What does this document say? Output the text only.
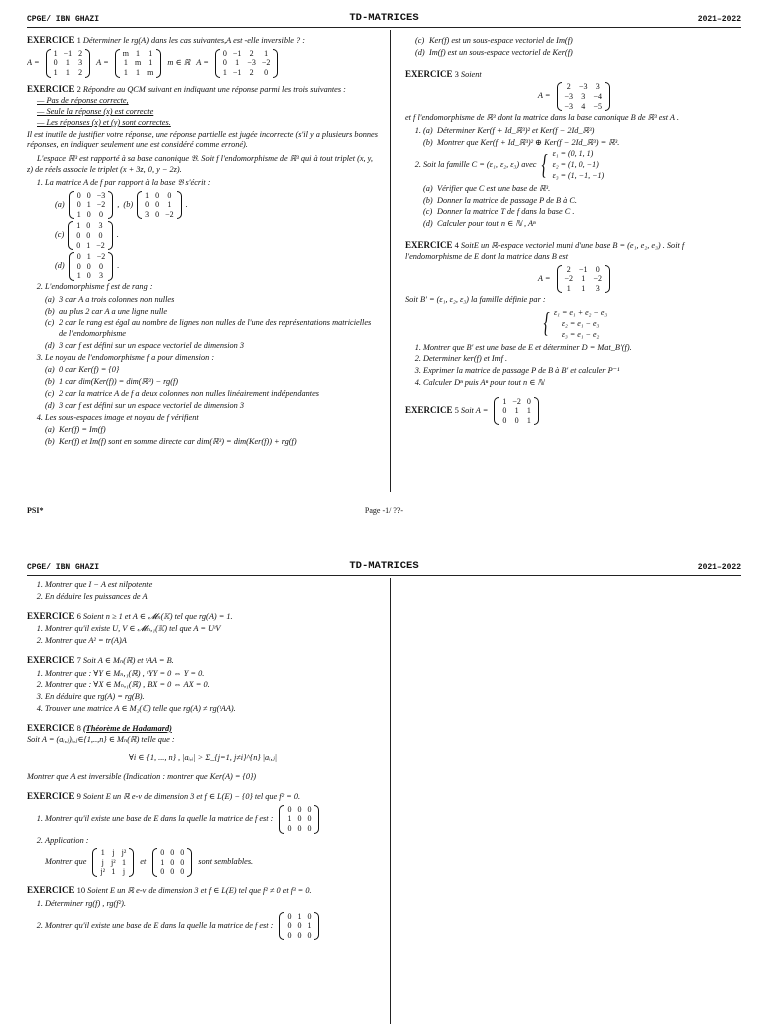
CPGE/ IBN GHAZI	TD-MATRICES	2021–2022
EXERCICE 1 Déterminer le rg(A) dans les cas suivantes,A est -elle inversible ? :
A =
1	−1	2
0	1	3
1	1	2
A =
m	1	1
1	m	1
1	1	m
m ∈ ℝ A =
0	−1	2	1
0	1	−3	−2
1	−1	2	0
EXERCICE 2 Répondre au QCM suivant en indiquant une réponse parmi les trois suivantes :
— Pas de réponse correcte,
— Seule la réponse (x) est correcte
— Les réponses (x) et (y) sont correctes.
Il est inutile de justifier votre réponse, une réponse partielle est jugée incorrecte (s'il y a plusieurs bonnes réponses, en indiquer seulement une est considéré comme erroné).
L'espace ℝ³ est rapporté à sa base canonique 𝔅. Soit f l'endomorphisme de ℝ³ qui à tout triplet (x, y, z) de réels associe le triplet (x + 3z, 0, y − 2z).
1. La matrice A de f par rapport à la base 𝔅 s'écrit :
(a)
0	0	−3
0	1	−2
1	0	0
,  (b)
1	0	0
0	0	1
3	0	−2
.
(c)
1	0	3
0	0	0
0	1	−2
.
(d)
0	1	−2
0	0	0
1	0	3
.
2. L'endomorphisme f est de rang :
(a) 3 car A a trois colonnes non nulles
(b) au plus 2 car A a une ligne nulle
(c) 2 car le rang est égal au nombre de lignes non nulles de l'une des représentations matricielles de l'endomorphisme
(d) 3 car f est défini sur un espace vectoriel de dimension 3
3. Le noyau de l'endomorphisme f a pour dimension :
(a) 0 car Ker(f) = {0}
(b) 1 car dim(Ker(f)) = dim(ℝ³) − rg(f)
(c) 2 car la matrice A de f a deux colonnes non nulles linéairement indépendantes
(d) 3 car f est défini sur un espace vectoriel de dimension 3
4. Les sous-espaces image et noyau de f vérifient
(a) Ker(f) = Im(f)
(b) Ker(f) et Im(f) sont en somme directe car dim(ℝ³) = dim(Ker(f)) + rg(f)
(c) Ker(f) est un sous-espace vectoriel de Im(f)
(d) Im(f) est un sous-espace vectoriel de Ker(f)
EXERCICE 3 Soient
A =
2	−3	3
−3	3	−4
−3	4	−5
et f l'endomorphisme de ℝ³ dont la matrice dans la base canonique B de ℝ³ est A .
(a) 1. Déterminer Ker(f + Id_ℝ³)² et Ker(f − 2Id_ℝ³)
(b) Montrer que Ker(f + Id_ℝ³)² ⊕ Ker(f − 2Id_ℝ³) = ℝ³.
2. Soit la famille C = (ε₁, ε₂, ε₃) avec { ε₁ = (0, 1, 1)
ε₂ = (1, 0, −1)
ε₃ = (1, −1, −1)
(a) Vérifier que C est une base de ℝ³.
(b) Donner la matrice de passage P de B à C.
(c) Donner la matrice T de f dans la base C .
(d) Calculer pour tout n ∈ ℕ , Aⁿ
EXERCICE 4 SoitE un ℝ-espace vectoriel muni d'une base B = (e₁, e₂, e₃) . Soit f l'endomorphisme de E dont la matrice dans B est
A =
2	−1	0
−2	1	−2
1	1	3
Soit B′ = (ε₁, ε₂, ε₃) la famille définie par :
{ ε₁ = e₁ + e₂ − e₃
ε₂ = e₁ − e₃
ε₃ = e₁ − e₂
1. Montrer que B′ est une base de E et déterminer D = Mat_B′(f).
2. Determiner ker(f) et Imf .
3. Exprimer la matrice de passage P de B à B′ et calculer P⁻¹
4. Calculer Dⁿ puis Aⁿ pour tout n ∈ ℕ
EXERCICE 5 Soit A =
1	−2	0
0	1	1
0	0	1
PSI*	Page -1/ ??-
CPGE/ IBN GHAZI	TD-MATRICES	2021–2022
1. Montrer que I − A est nilpotente
2. En déduire les puissances de A
EXERCICE 6 Soient n ≥ 1 et A ∈ 𝓜ₙ(𝕂) tel que rg(A) = 1.
1. Montrer qu'il existe U, V ∈ 𝓜ₙ,₁(𝕂) tel que A = UᵗV
2. Montrer que A² = tr(A)A
EXERCICE 7 Soit A ∈ Mₙ(ℝ) et ᵗAA = B.
1. Montrer que : ∀Y ∈ Mₙ,₁(ℝ) , ᵗYY = 0 ⇔ Y = 0.
2. Montrer que : ∀X ∈ Mₙ,₁(ℝ) , BX = 0 ⇔ AX = 0.
3. En déduire que rg(A) = rg(B).
4. Trouver une matrice A ∈ M₂(ℂ) telle que rg(A) ≠ rg(ᵗAA).
EXERCICE 8 (Théorème de Hadamard)
Soit A = (aᵢ,ⱼ)ᵢ,ⱼ∈{1,..,n} ∈ Mₙ(ℝ) telle que :
∀i ∈ {1, ..., n} , |aᵢ,ᵢ| > Σ_{j=1, j≠i}^{n} |aᵢ,ⱼ|
Montrer que A est inversible (Indication : montrer que Ker(A) = {0})
EXERCICE 9 Soient E un ℝ e-v de dimension 3 et f ∈ L(E) − {0} tel que f² = 0.
1. Montrer qu'il existe une base de E dans la quelle la matrice de f est :
0	0	0
1	0	0
0	0	0
2. Application :
Montrer que
1	j	j²
j	j²	1
j²	1	j
et
0	0	0
1	0	0
0	0	0
sont semblables.
EXERCICE 10 Soient E un ℝ e-v de dimension 3 et f ∈ L(E) tel que f² ≠ 0 et f³ = 0.
1. Déterminer rg(f) , rg(f²).
2. Montrer qu'il existe une base de E dans la quelle la matrice de f est :
0	1	0
0	0	1
0	0	0
